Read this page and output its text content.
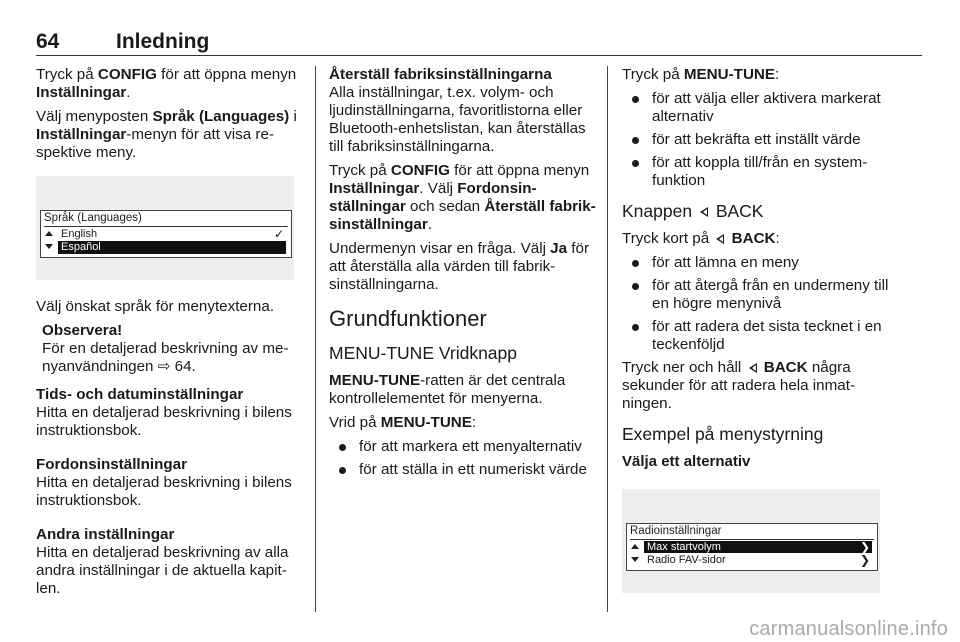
64	Inledning

Tryck på CONFIG för att öppna menyn Inställningar.

Välj menyposten Språk (Languages) i Inställningar-menyn för att visa respektive meny.

Språk (Languages)
English	✓
Español

Välj önskat språk för menytexterna.

Observera!
För en detaljerad beskrivning av menyanvändningen ⇨ 64.
Tids- och datuminställningar

Hitta en detaljerad beskrivning i bilens instruktionsbok.

Fordonsinställningar

Hitta en detaljerad beskrivning i bilens instruktionsbok.

Andra inställningar

Hitta en detaljerad beskrivning av alla andra inställningar i de aktuella kapitlen.

Återställ fabriksinställningarna

Alla inställningar, t.ex. volym- och ljudinställningarna, favoritlistorna eller Bluetooth-enhetslistan, kan återställas till fabriksinställningarna.

Tryck på CONFIG för att öppna menyn Inställningar. Välj Fordonsinställningar och sedan Återställ fabriksinställningar.

Undermenyn visar en fråga. Välj Ja för att återställa alla värden till fabriksinställningarna.

Grundfunktioner
MENU-TUNE Vridknapp

MENU-TUNE-ratten är det centrala kontrollelementet för menyerna.

Vrid på MENU-TUNE:

för att markera ett menyalternativ
för att ställa in ett numeriskt värde

Tryck på MENU-TUNE:

för att välja eller aktivera markerat alternativ
för att bekräfta ett inställt värde
för att koppla till/från en systemfunktion
Knappen  BACK

Tryck kort på  BACK:

för att lämna en meny
för att återgå från en undermeny till en högre menynivå
för att radera det sista tecknet i en teckenföljd

Tryck ner och håll  BACK några sekunder för att radera hela inmatningen.

Exempel på menystyrning
Välja ett alternativ
Radioinställningar
Max startvolym	❯
Radio FAV-sidor	❯
carmanualsonline.info
